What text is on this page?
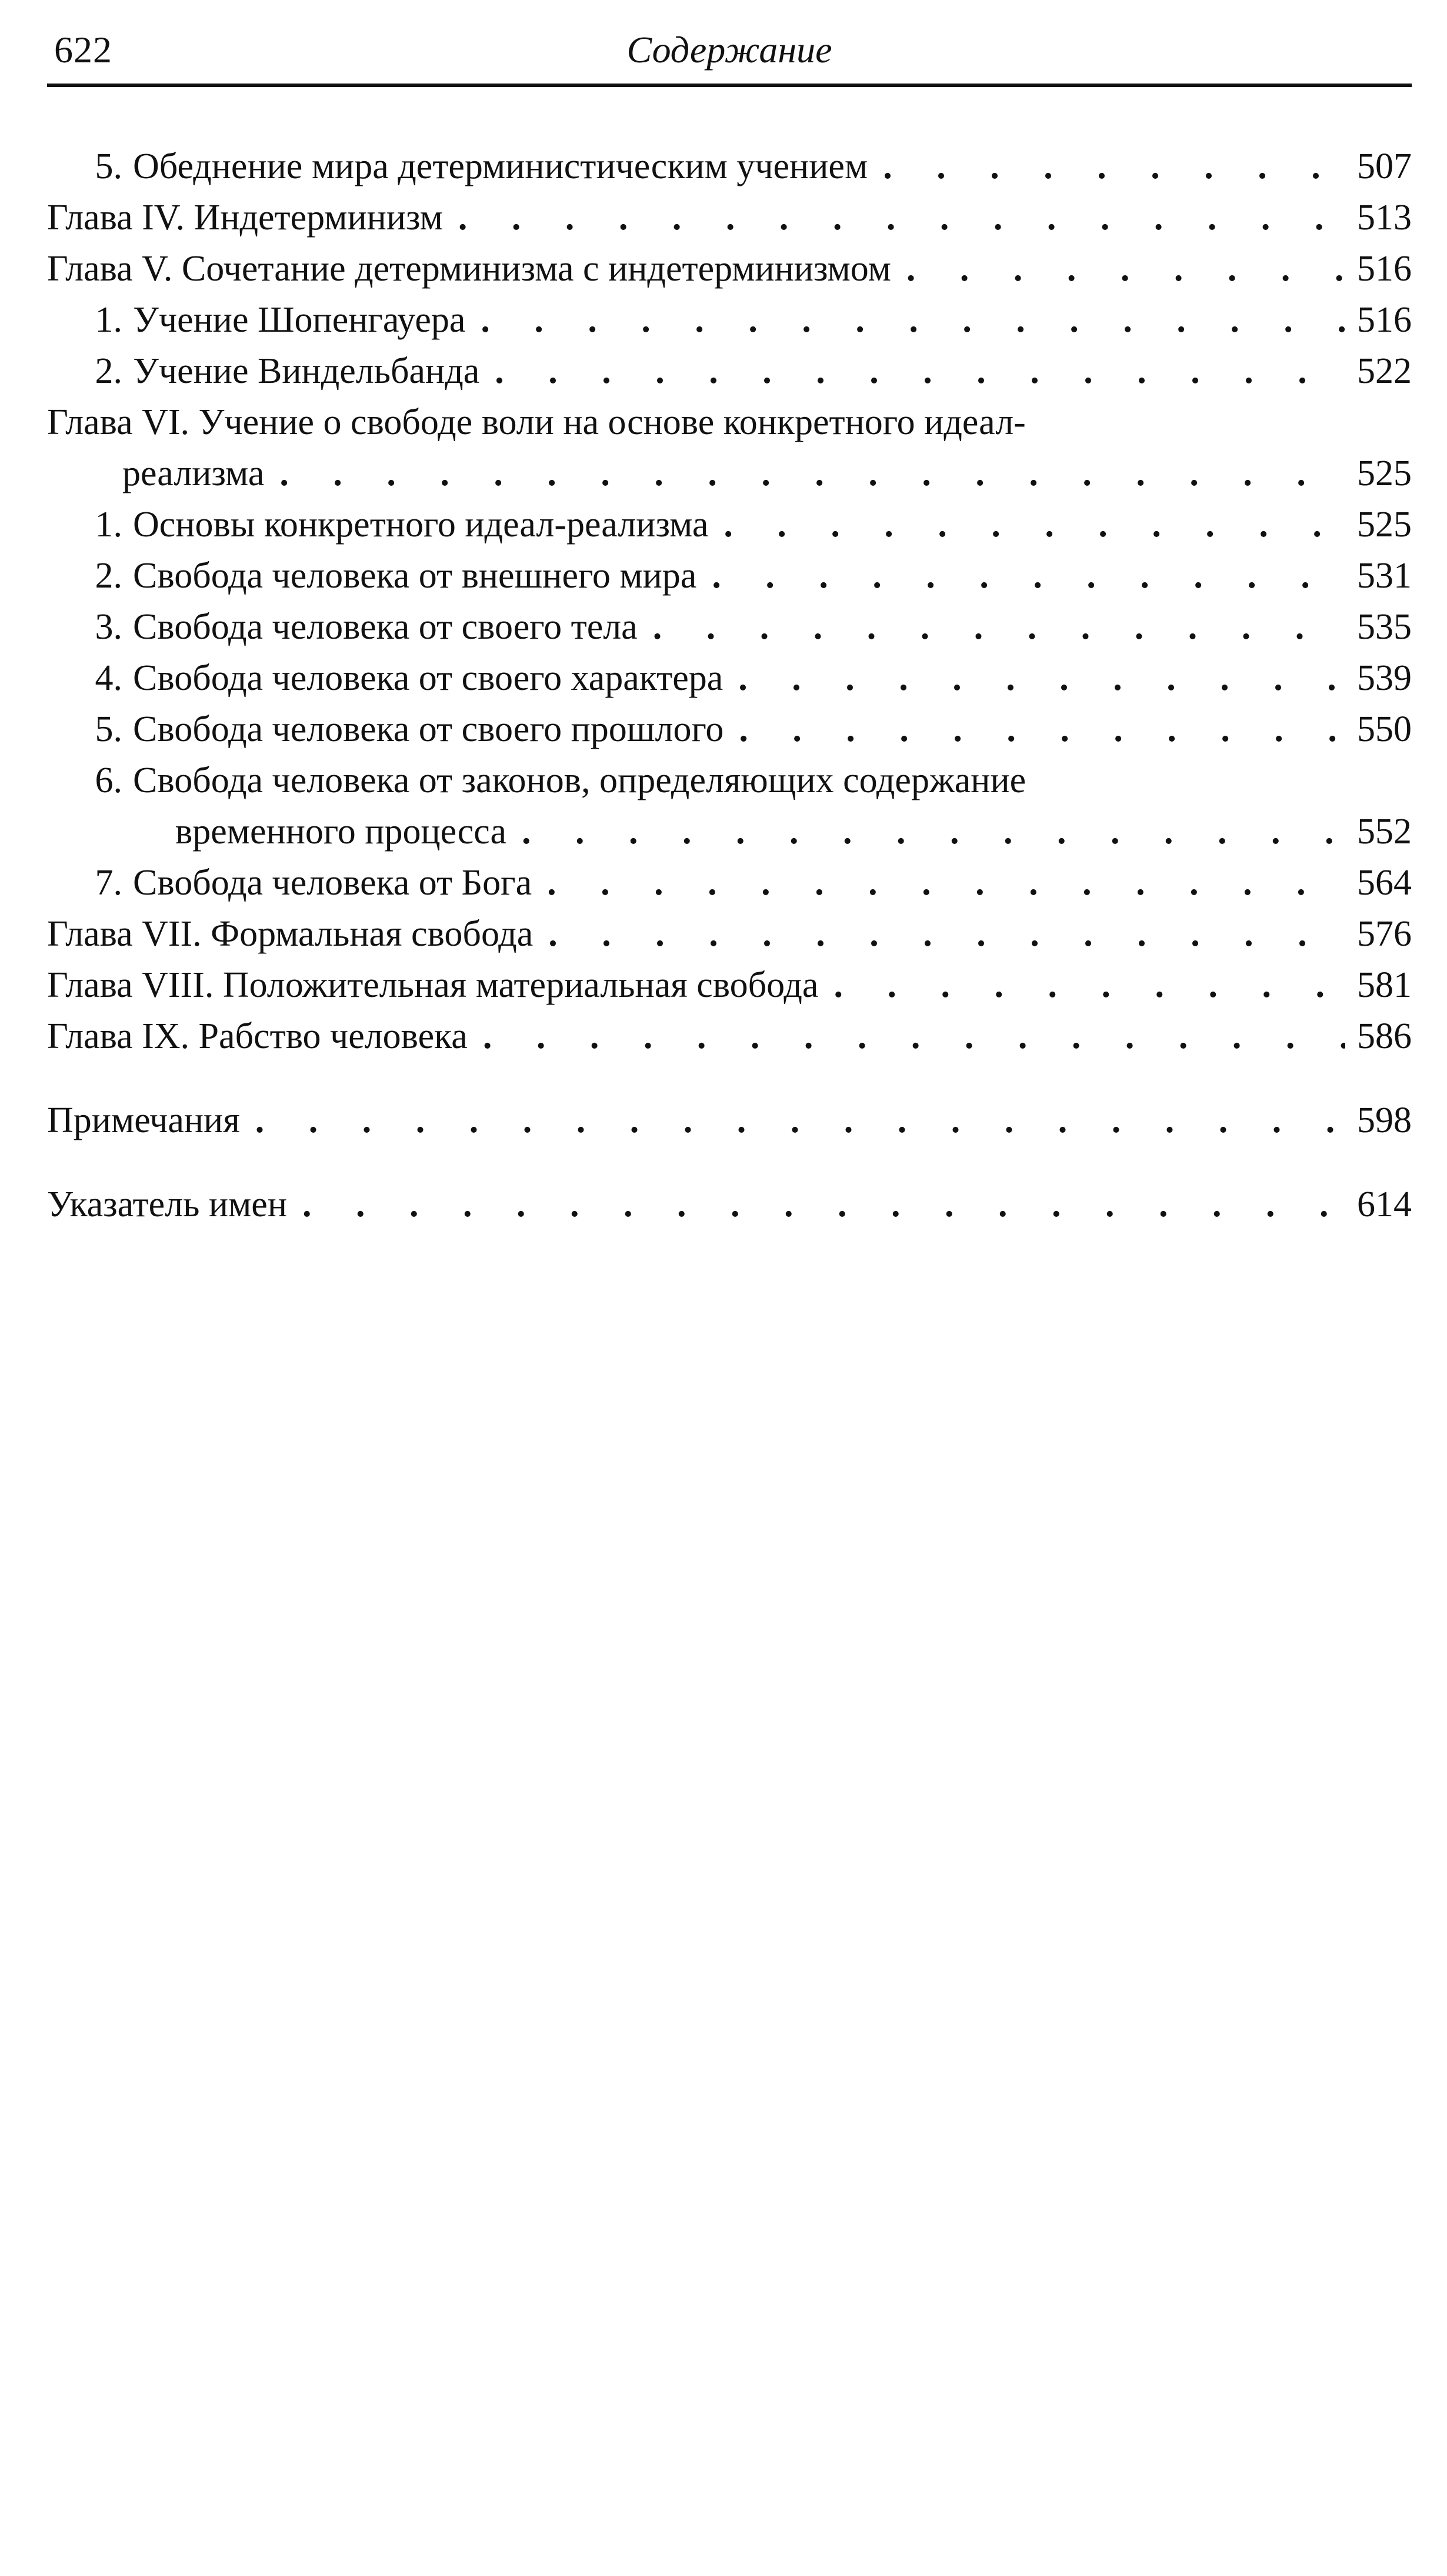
622	Содержание
5. Обеднение мира детерминистическим учением . . .	507
Глава IV. Индетерминизм . . .	513
Глава V. Сочетание детерминизма с индетерминизмом . . .	516
1. Учение Шопенгауера . . .	516
2. Учение Виндельбанда . . .	522
Глава VI. Учение о свободе воли на основе конкретного идеал-
реализма . . .	525
1. Основы конкретного идеал-реализма . . .	525
2. Свобода человека от внешнего мира . . .	531
3. Свобода человека от своего тела . . .	535
4. Свобода человека от своего характера . . .	539
5. Свобода человека от своего прошлого . . .	550
6. Свобода человека от законов, определяющих содержание
временного процесса . . .	552
7. Свобода человека от Бога . . .	564
Глава VII. Формальная свобода . . .	576
Глава VIII. Положительная материальная свобода . . .	581
Глава IX. Рабство человека . . .	586
Примечания . . .	598
Указатель имен . . .	614
